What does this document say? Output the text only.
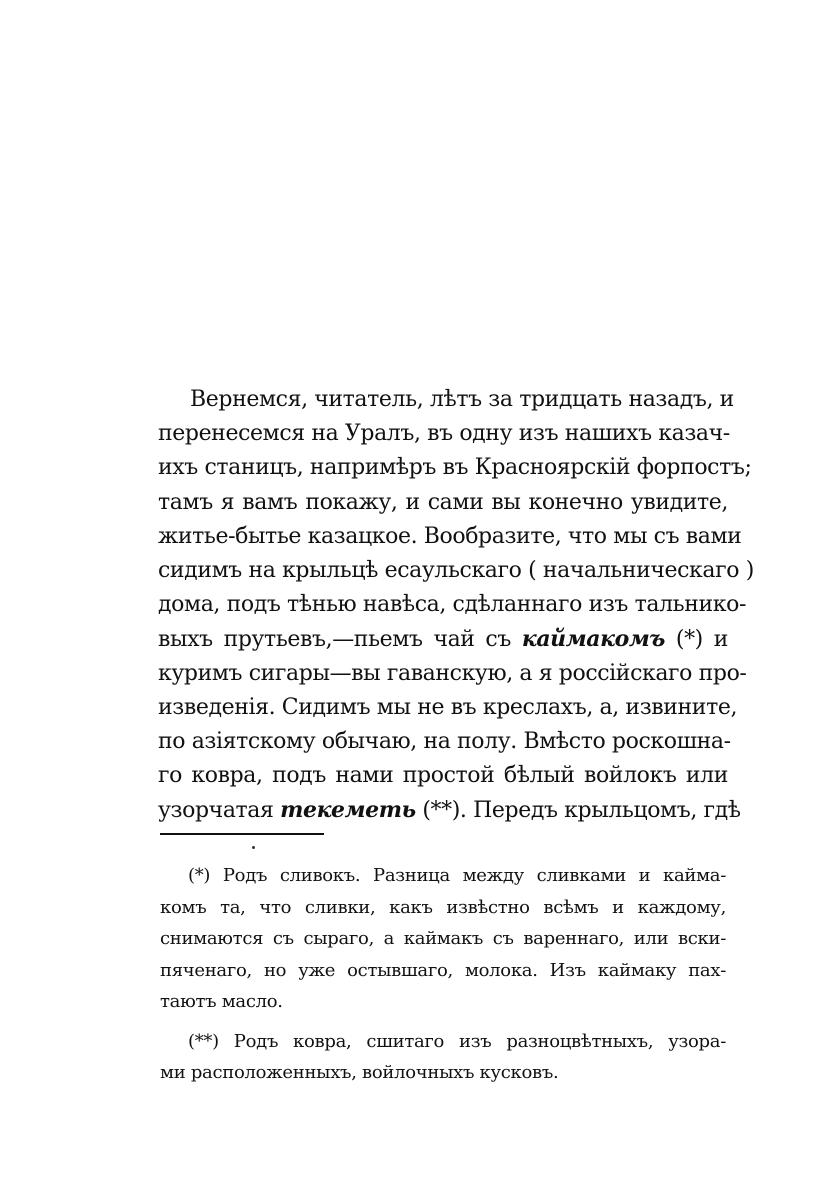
Вернемся, читатель, лѣтъ за тридцать назадъ, и
перенесемся на Уралъ, въ одну изъ нашихъ казач-
ихъ станицъ, напримѣръ въ Красноярскій форпостъ;
тамъ я вамъ покажу, и сами вы конечно увидите,
житье-бытье казацкое. Вообразите, что мы съ вами
сидимъ на крыльцѣ есаульскаго ( начальническаго )
дома, подъ тѣнью навѣса, сдѣланнаго изъ тальнико-
выхъ прутьевъ,—пьемъ чай съ каймакомъ (*) и
куримъ сигары—вы гаванскую, а я россійскаго про-
изведенія. Сидимъ мы не въ креслахъ, а, извините,
по азіятскому обычаю, на полу. Вмѣсто роскошна-
го ковра, подъ нами простой бѣлый войлокъ или
узорчатая текеметь (**). Передъ крыльцомъ, гдѣ
(*) Родъ сливокъ. Разница между сливками и кайма-
комъ та, что сливки, какъ извѣстно всѣмъ и каждому,
снимаются съ сыраго, а каймакъ съ вареннаго, или вски-
пяченаго, но уже остывшаго, молока. Изъ каймаку пах-
таютъ масло.
(**) Родъ ковра, сшитаго изъ разноцвѣтныхъ, узора-
ми расположенныхъ, войлочныхъ кусковъ.
